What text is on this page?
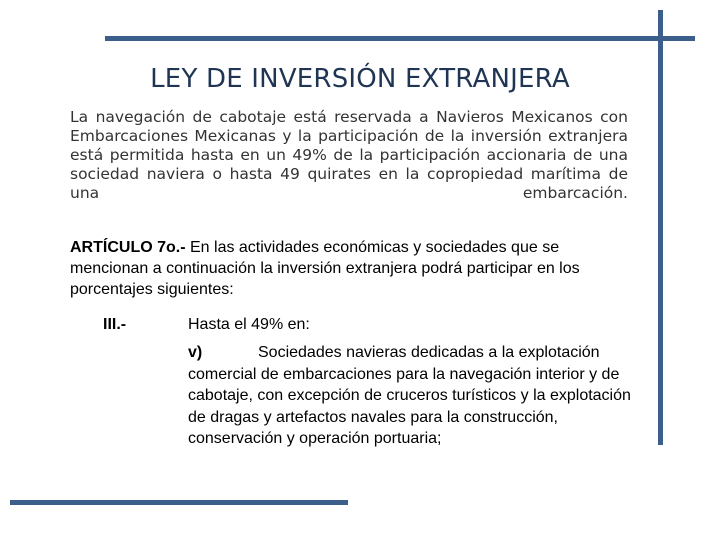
LEY DE INVERSIÓN EXTRANJERA

La navegación de cabotaje está reservada a Navieros Mexicanos con Embarcaciones Mexicanas y la participación de la inversión extranjera está permitida hasta en un 49% de la participación accionaria de una sociedad naviera o hasta 49 quirates en la copropiedad marítima de una embarcación.

ARTÍCULO 7o.- En las actividades económicas y sociedades que se mencionan a continuación la inversión extranjera podrá participar en los porcentajes siguientes:

III.-	Hasta el 49% en:

v)	Sociedades navieras dedicadas a la explotación comercial de embarcaciones para la navegación interior y de cabotaje, con excepción de cruceros turísticos y la explotación de dragas y artefactos navales para la construcción, conservación y operación portuaria;
